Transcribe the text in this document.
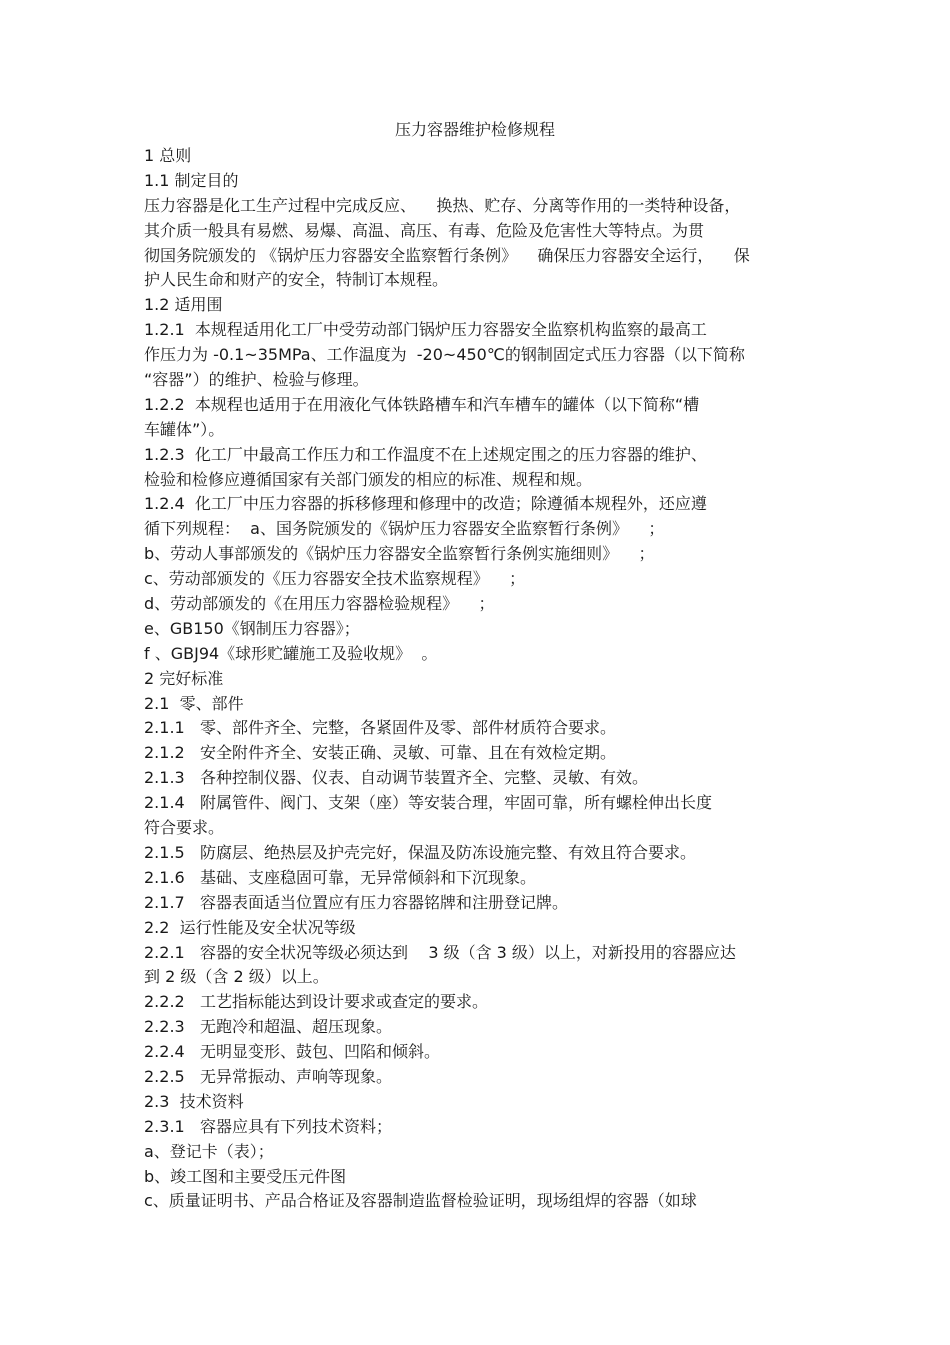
压力容器维护检修规程
1 总则
1.1 制定目的
压力容器是化工生产过程中完成反应、    换热、贮存、分离等作用的一类特种设备，
其介质一般具有易燃、易爆、高温、高压、有毒、危险及危害性大等特点。为贯
彻国务院颁发的 《锅炉压力容器安全监察暂行条例》    确保压力容器安全运行，    保
护人民生命和财产的安全，特制订本规程。
1.2 适用围
1.2.1  本规程适用化工厂中受劳动部门锅炉压力容器安全监察机构监察的最高工
作压力为 -0.1~35MPa、工作温度为  -20~450℃的钢制固定式压力容器（以下简称
“容器”）的维护、检验与修理。
1.2.2  本规程也适用于在用液化气体铁路槽车和汽车槽车的罐体（以下简称“槽
车罐体”）。
1.2.3  化工厂中最高工作压力和工作温度不在上述规定围之的压力容器的维护、
检验和检修应遵循国家有关部门颁发的相应的标准、规程和规。
1.2.4  化工厂中压力容器的拆移修理和修理中的改造；除遵循本规程外，还应遵
循下列规程：  a、国务院颁发的《锅炉压力容器安全监察暂行条例》    ；
b、劳动人事部颁发的《锅炉压力容器安全监察暂行条例实施细则》    ；
c、劳动部颁发的《压力容器安全技术监察规程》    ；
d、劳动部颁发的《在用压力容器检验规程》    ；
e、GB150《钢制压力容器》；
f 、GBJ94《球形贮罐施工及验收规》  。
2 完好标准
2.1  零、部件
2.1.1   零、部件齐全、完整，各紧固件及零、部件材质符合要求。
2.1.2   安全附件齐全、安装正确、灵敏、可靠、且在有效检定期。
2.1.3   各种控制仪器、仪表、自动调节装置齐全、完整、灵敏、有效。
2.1.4   附属管件、阀门、支架（座）等安装合理，牢固可靠，所有螺栓伸出长度
符合要求。
2.1.5   防腐层、绝热层及护壳完好，保温及防冻设施完整、有效且符合要求。
2.1.6   基础、支座稳固可靠，无异常倾斜和下沉现象。
2.1.7   容器表面适当位置应有压力容器铭牌和注册登记牌。
2.2  运行性能及安全状况等级
2.2.1   容器的安全状况等级必须达到    3 级（含 3 级）以上，对新投用的容器应达
到 2 级（含 2 级）以上。
2.2.2   工艺指标能达到设计要求或查定的要求。
2.2.3   无跑冷和超温、超压现象。
2.2.4   无明显变形、鼓包、凹陷和倾斜。
2.2.5   无异常振动、声响等现象。
2.3  技术资料
2.3.1   容器应具有下列技术资料；
a、登记卡（表）；
b、竣工图和主要受压元件图
c、质量证明书、产品合格证及容器制造监督检验证明，现场组焊的容器（如球
